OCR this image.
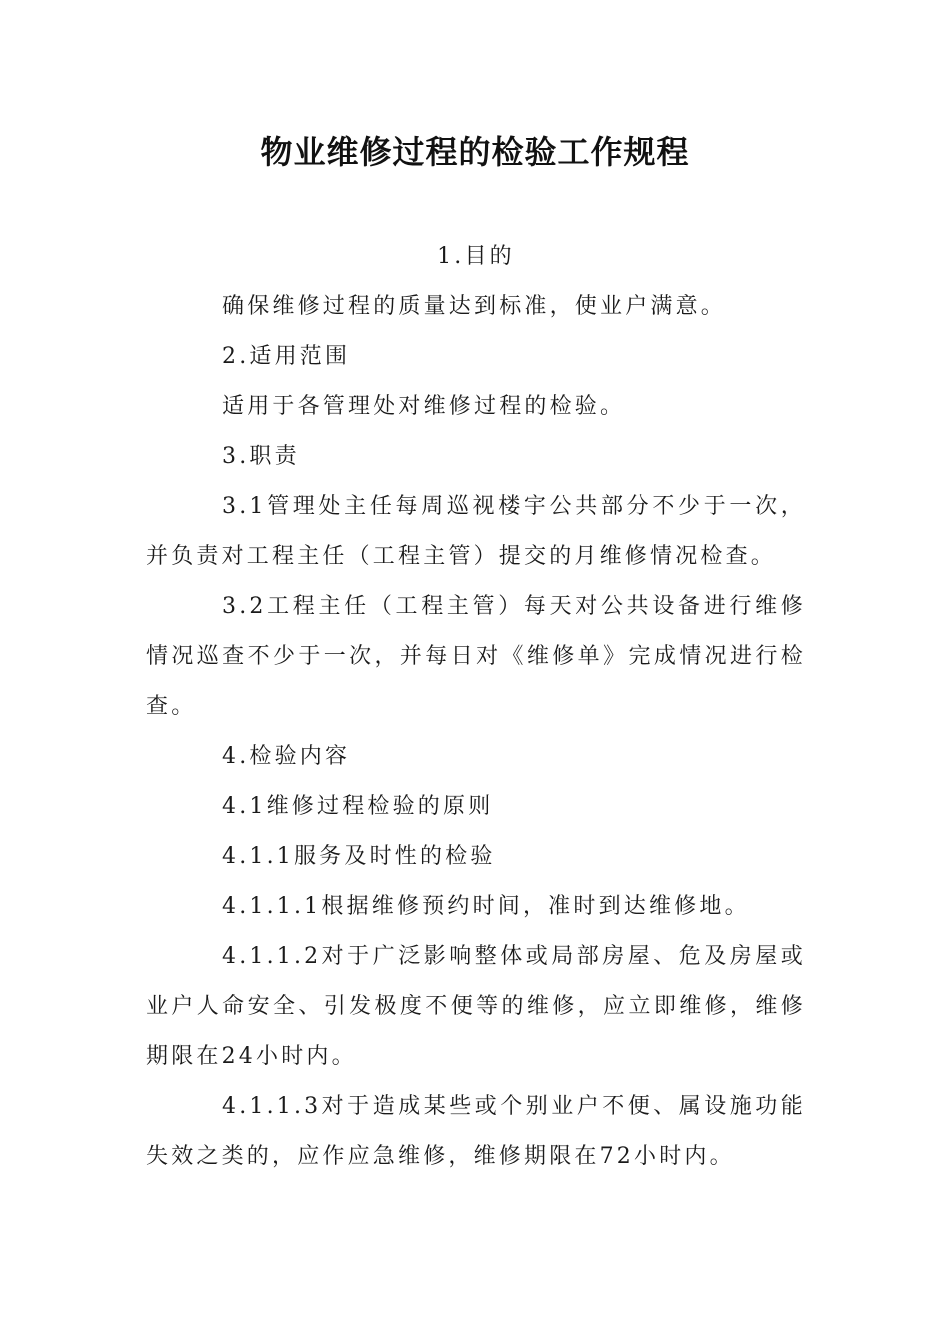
物业维修过程的检验工作规程

1.目的

确保维修过程的质量达到标准，使业户满意。

2.适用范围

适用于各管理处对维修过程的检验。

3.职责

3.1管理处主任每周巡视楼宇公共部分不少于一次，并负责对工程主任（工程主管）提交的月维修情况检查。

3.2工程主任（工程主管）每天对公共设备进行维修情况巡查不少于一次，并每日对《维修单》完成情况进行检查。

4.检验内容

4.1维修过程检验的原则

4.1.1服务及时性的检验

4.1.1.1根据维修预约时间，准时到达维修地。

4.1.1.2对于广泛影响整体或局部房屋、危及房屋或业户人命安全、引发极度不便等的维修，应立即维修，维修期限在24小时内。

4.1.1.3对于造成某些或个别业户不便、属设施功能失效之类的，应作应急维修，维修期限在72小时内。
